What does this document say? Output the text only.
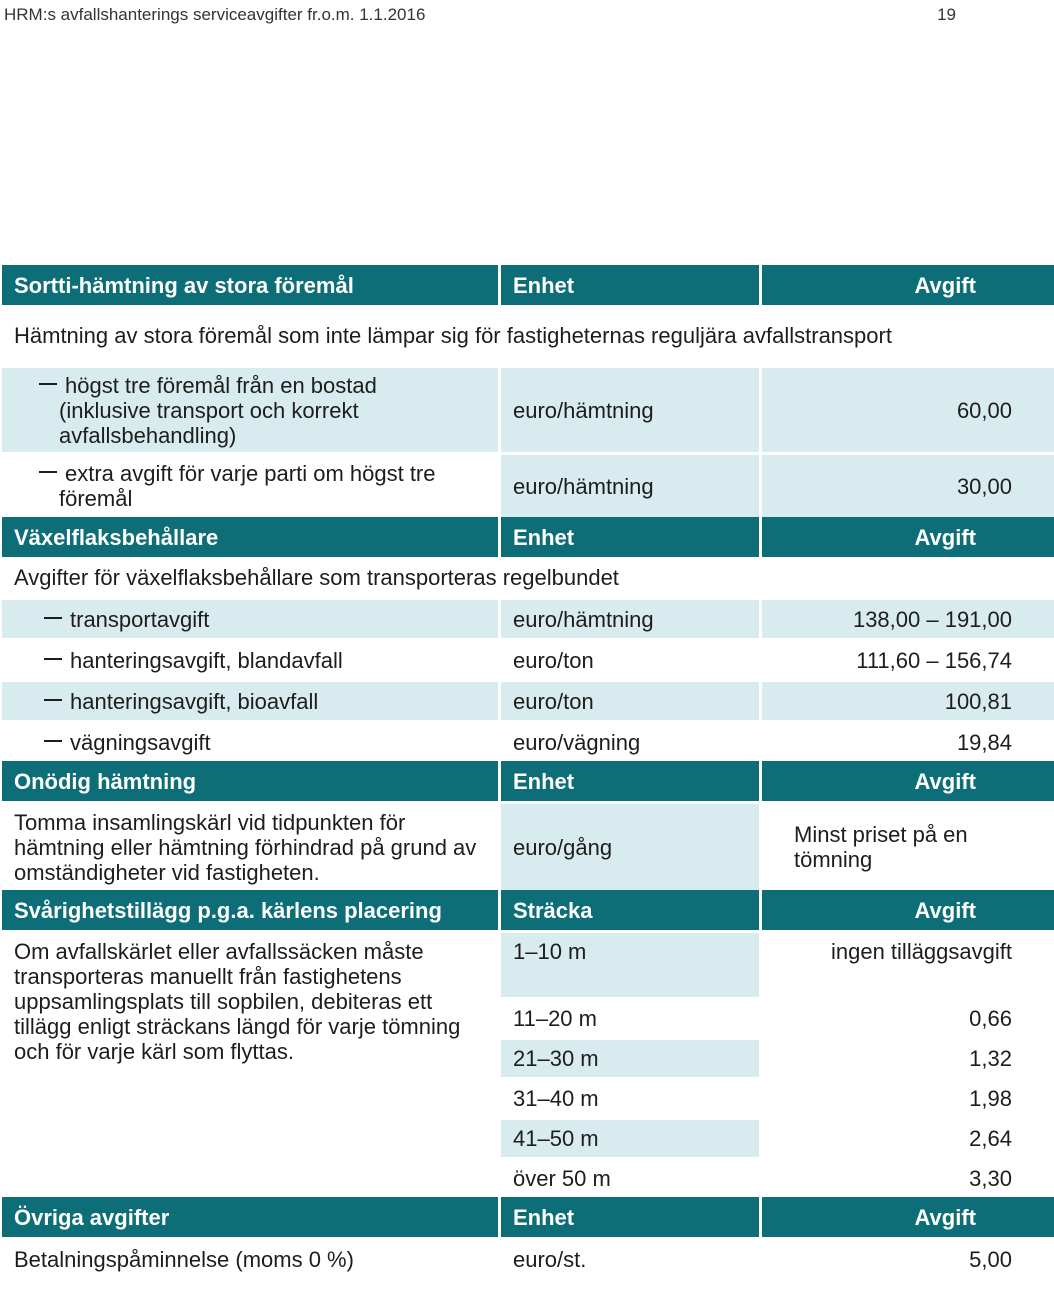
HRM:s avfallshanterings serviceavgifter fr.o.m. 1.1.2016	19
Sortti-hämtning av stora föremål	Enhet	Avgift
Hämtning av stora föremål som inte lämpar sig för fastigheternas reguljära avfallstransport		

högst tre föremål från en bostad (inklusive transport och korrekt avfallsbehandling)	euro/hämtning	60,00

extra avgift för varje parti om högst tre föremål	euro/hämtning	30,00
Växelflaksbehållare	Enhet	Avgift
Avgifter för växelflaksbehållare som transporteras regelbundet		
transportavgift	euro/hämtning	138,00 – 191,00
hanteringsavgift, blandavfall	euro/ton	111,60 – 156,74
hanteringsavgift, bioavfall	euro/ton	100,81
vägningsavgift	euro/vägning	19,84
Onödig hämtning	Enhet	Avgift
Tomma insamlingskärl vid tidpunkten för hämtning eller hämtning förhindrad på grund av omständigheter vid fastigheten.	euro/gång	Minst priset på en tömning
Svårighetstillägg p.g.a. kärlens placering	Sträcka	Avgift
Om avfallskärlet eller avfallssäcken måste transporteras manuellt från fastighetens uppsamlingsplats till sopbilen, debiteras ett tillägg enligt sträckans längd för varje tömning och för varje kärl som flyttas.	1–10 m	ingen tilläggsavgift
	11–20 m	0,66
	21–30 m	1,32
	31–40 m	1,98
	41–50 m	2,64
	över 50 m	3,30
Övriga avgifter	Enhet	Avgift
Betalningspåminnelse (moms 0 %)	euro/st.	5,00
